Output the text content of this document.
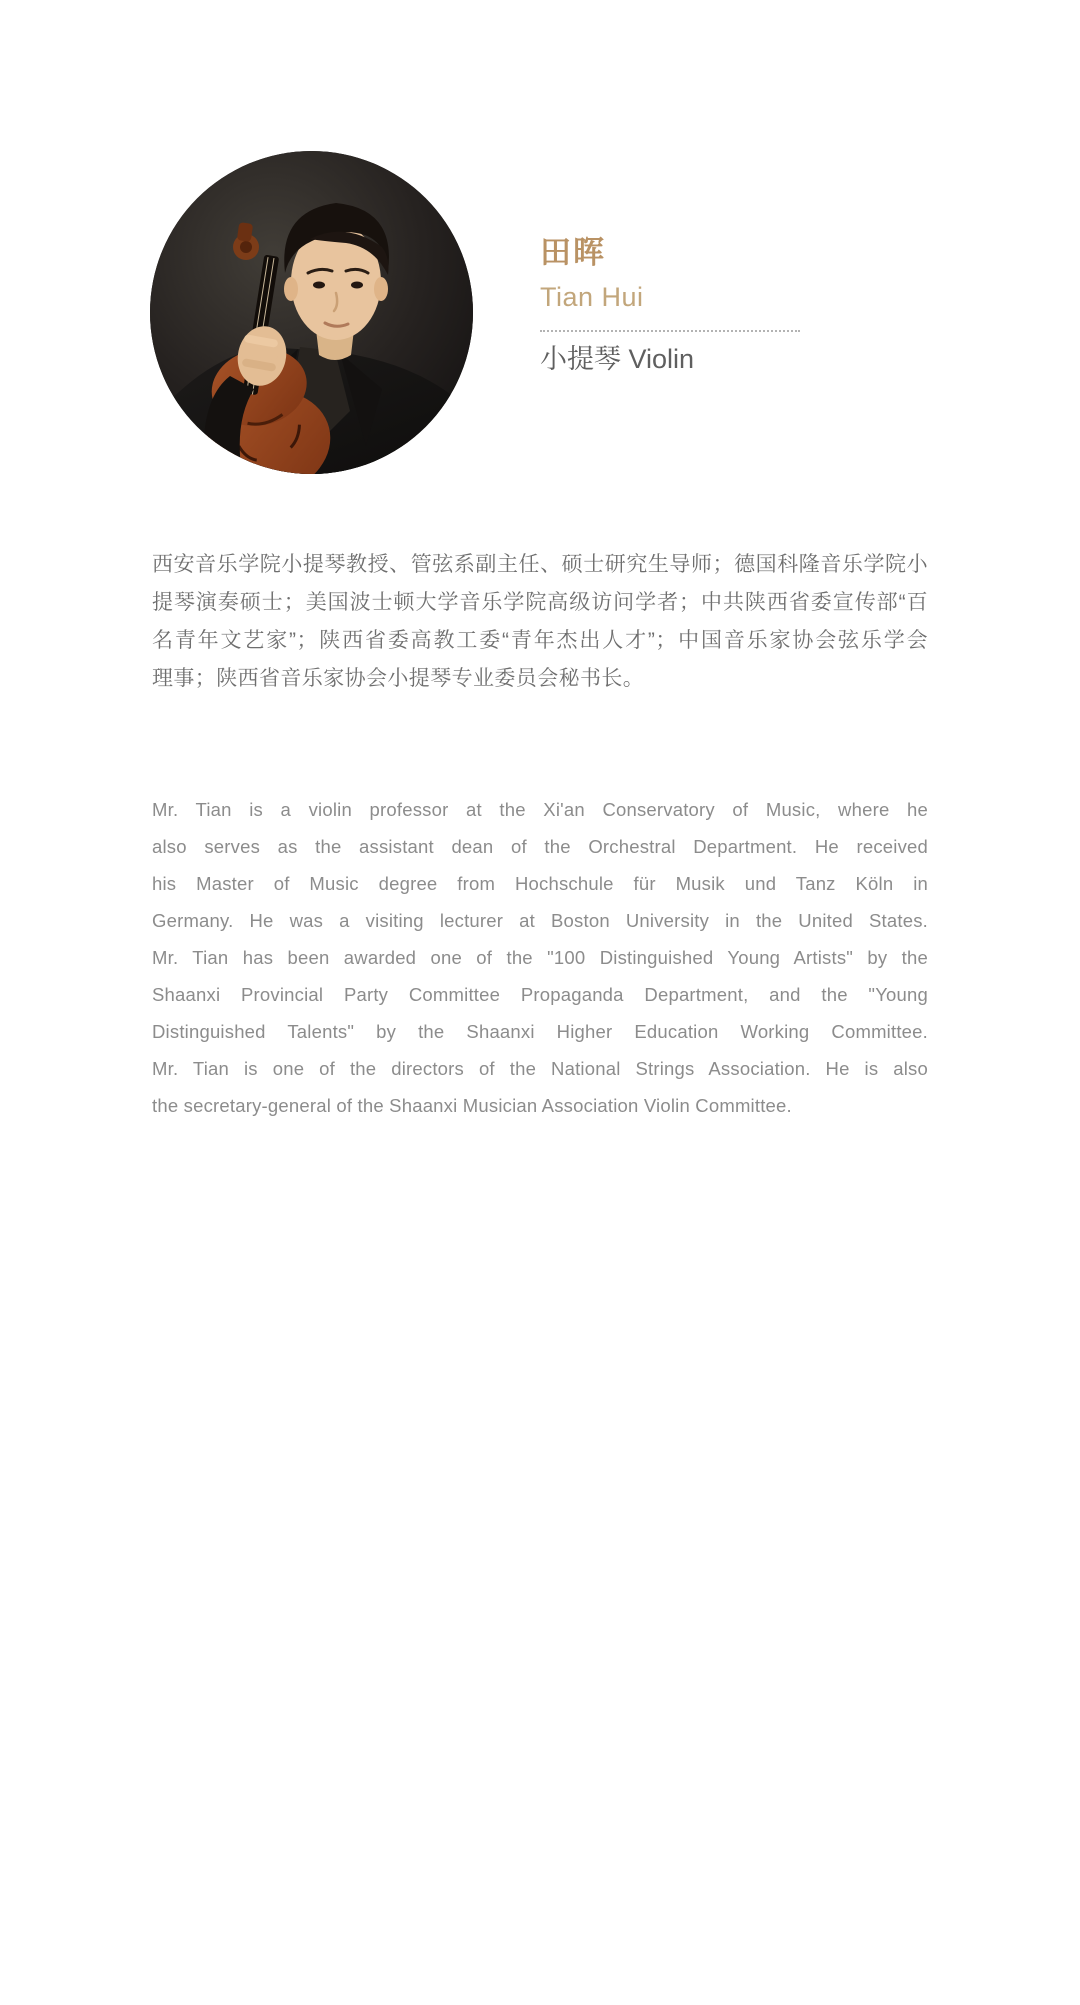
田晖
Tian Hui
小提琴 Violin
西安音乐学院小提琴教授、管弦系副主任、硕士研究生导师；德国科隆音乐学院小
提琴演奏硕士；美国波士顿大学音乐学院高级访问学者；中共陕西省委宣传部“百
名青年文艺家”；陕西省委高教工委“青年杰出人才”；中国音乐家协会弦乐学会
理事；陕西省音乐家协会小提琴专业委员会秘书长。
Mr. Tian is a violin professor at the Xi'an Conservatory of Music, where he
also serves as the assistant dean of the Orchestral Department. He received
his Master of Music degree from Hochschule für Musik und Tanz Köln in
Germany. He was a visiting lecturer at Boston University in the United States.
Mr. Tian has been awarded one of the "100 Distinguished Young Artists" by the
Shaanxi Provincial Party Committee Propaganda Department, and the "Young
Distinguished Talents" by the Shaanxi Higher Education Working Committee.
Mr. Tian is one of the directors of the National Strings Association. He is also
the secretary-general of the Shaanxi Musician Association Violin Committee.
